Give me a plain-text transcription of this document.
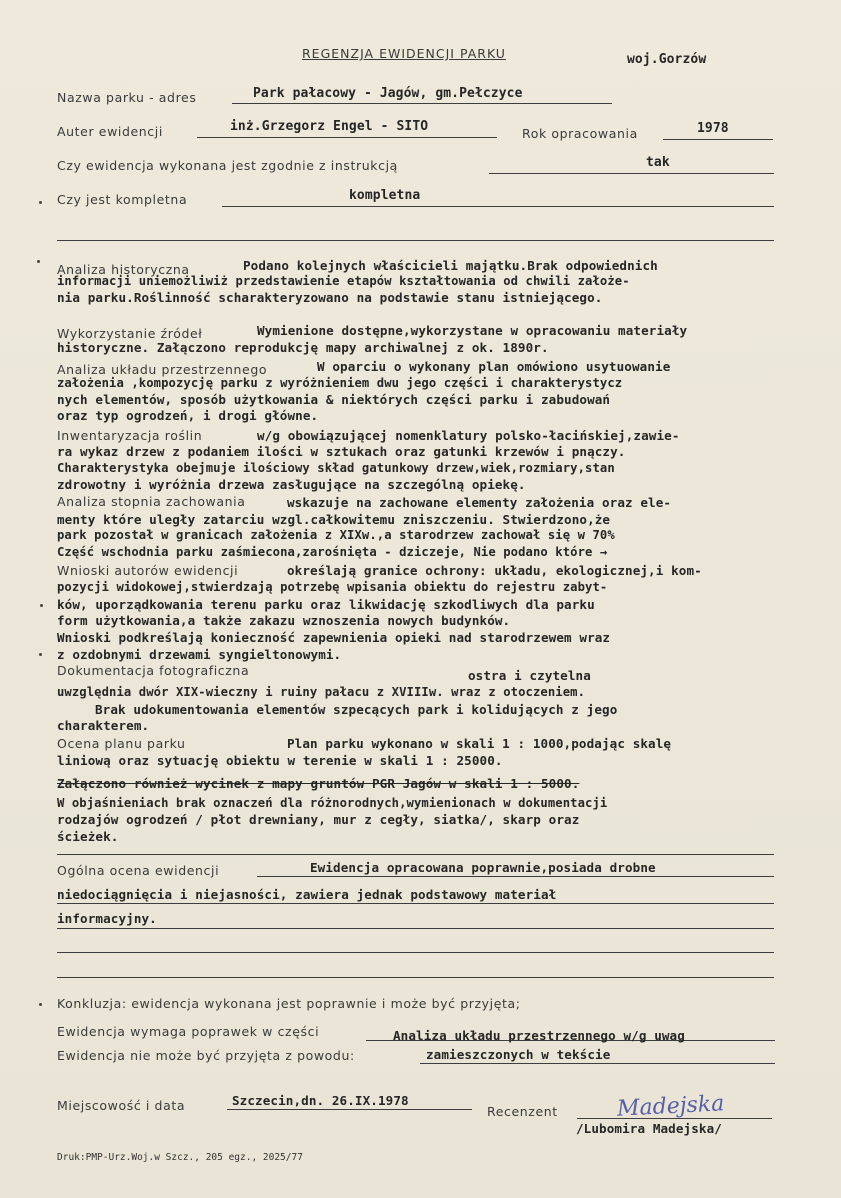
REGENZJA EWIDENCJI PARKU	woj.Gorzów
Nazwa parku - adres	Park pałacowy - Jagów, gm.Pełczyce
Auter ewidencji	inż.Grzegorz Engel - SITO	Rok opracowania	1978
Czy ewidencja wykonana jest zgodnie z instrukcją	tak
Czy jest kompletna	kompletna
Analiza historyczna	Podano kolejnych właścicieli majątku.Brak odpowiednich
informacji uniemożliwiż przedstawienie etapów kształtowania od chwili założe-
nia parku.Roślinność scharakteryzowano na podstawie stanu istniejącego.
Wykorzystanie źródeł	Wymienione dostępne,wykorzystane w opracowaniu materiały
historyczne. Załączono reprodukcję mapy archiwalnej z ok. 1890r.
Analiza układu przestrzennego	W oparciu o wykonany plan omówiono usytuowanie
założenia ,kompozycję parku z wyróżnieniem dwu jego części i charakterystycz
nych elementów, sposób użytkowania & niektórych części parku i zabudowań
oraz typ ogrodzeń, i drogi główne.
Inwentaryzacja roślin	w/g obowiązującej nomenklatury polsko-łacińskiej,zawie-
ra wykaz drzew z podaniem ilości w sztukach oraz gatunki krzewów i pnączy.
Charakterystyka obejmuje ilościowy skład gatunkowy drzew,wiek,rozmiary,stan
zdrowotny i wyróżnia drzewa zasługujące na szczególną opiekę.
Analiza stopnia zachowania	wskazuje na zachowane elementy założenia oraz ele-
menty które uległy zatarciu wzgl.całkowitemu zniszczeniu. Stwierdzono,że
park pozostał w granicach założenia z XIXw.,a starodrzew zachował się w 70%
Część wschodnia parku zaśmiecona,zarośnięta - dziczeje, Nie podano które →
Wnioski autorów ewidencji	określają granice ochrony: układu, ekologicznej,i kom-
pozycji widokowej,stwierdzają potrzebę wpisania obiektu do rejestru zabyt-
ków, uporządkowania terenu parku oraz likwidację szkodliwych dla parku
form użytkowania,a także zakazu wznoszenia nowych budynków.
Wnioski podkreślają konieczność zapewnienia opieki nad starodrzewem wraz
z ozdobnymi drzewami syngieltonowymi.
Dokumentacja fotograficzna	ostra i czytelna
uwzględnia dwór XIX-wieczny i ruiny pałacu z XVIIIw. wraz z otoczeniem.
Brak udokumentowania elementów szpecących park i kolidujących z jego
charakterem.
Ocena planu parku	Plan parku wykonano w skali 1 : 1000,podając skalę
liniową oraz sytuację obiektu w terenie w skali 1 : 25000.
Załączono również wycinek z mapy gruntów PGR Jagów w skali 1 : 5000.
W objaśnieniach brak oznaczeń dla różnorodnych,wymienionach w dokumentacji
rodzajów ogrodzeń / płot drewniany, mur z cegły, siatka/, skarp oraz
ścieżek.
Ogólna ocena ewidencji	Ewidencja opracowana poprawnie,posiada drobne
niedociągnięcia i niejasności, zawiera jednak podstawowy materiał
informacyjny.
Konkluzja: ewidencja wykonana jest poprawnie i może być przyjęta;
Ewidencja wymaga poprawek w części	Analiza układu przestrzennego w/g uwag
Ewidencja nie może być przyjęta z powodu:	zamieszczonych w tekście
Miejscowość i data	Szczecin,dn. 26.IX.1978
Recenzent	Madejska
/Lubomira Madejska/
Druk:PMP-Urz.Woj.w Szcz., 205 egz., 2025/77
